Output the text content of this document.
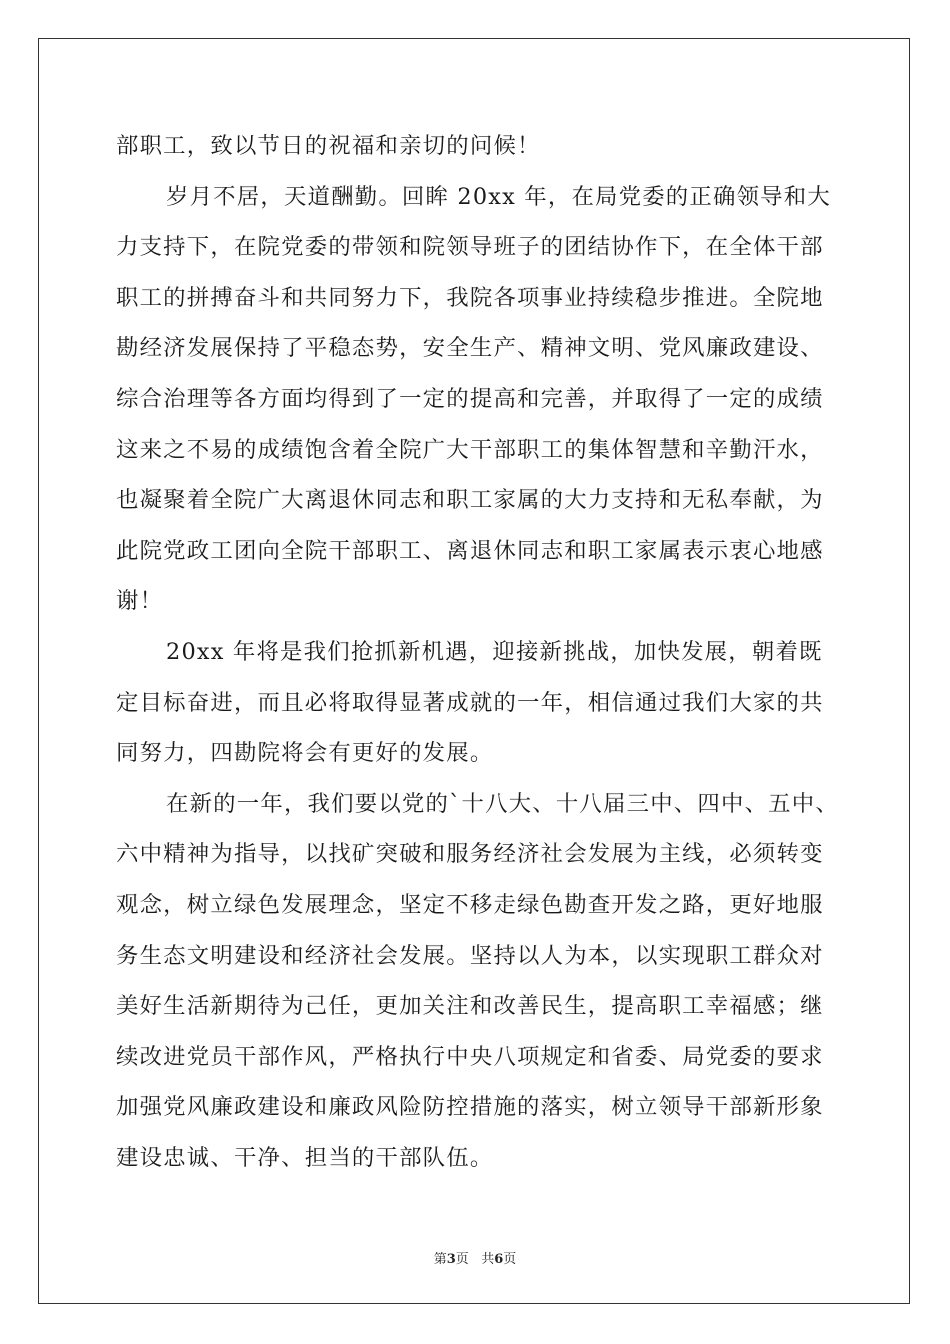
部职工，致以节日的祝福和亲切的问候！
岁月不居，天道酬勤。回眸 20xx 年，在局党委的正确领导和大
力支持下，在院党委的带领和院领导班子的团结协作下，在全体干部
职工的拼搏奋斗和共同努力下，我院各项事业持续稳步推进。全院地
勘经济发展保持了平稳态势，安全生产、精神文明、党风廉政建设、
综合治理等各方面均得到了一定的提高和完善，并取得了一定的成绩
这来之不易的成绩饱含着全院广大干部职工的集体智慧和辛勤汗水，
也凝聚着全院广大离退休同志和职工家属的大力支持和无私奉献，为
此院党政工团向全院干部职工、离退休同志和职工家属表示衷心地感
谢！
20xx 年将是我们抢抓新机遇，迎接新挑战，加快发展，朝着既
定目标奋进，而且必将取得显著成就的一年，相信通过我们大家的共
同努力，四勘院将会有更好的发展。
在新的一年，我们要以党的`十八大、十八届三中、四中、五中、
六中精神为指导，以找矿突破和服务经济社会发展为主线，必须转变
观念，树立绿色发展理念，坚定不移走绿色勘查开发之路，更好地服
务生态文明建设和经济社会发展。坚持以人为本，以实现职工群众对
美好生活新期待为己任，更加关注和改善民生，提高职工幸福感；继
续改进党员干部作风，严格执行中央八项规定和省委、局党委的要求
加强党风廉政建设和廉政风险防控措施的落实，树立领导干部新形象
建设忠诚、干净、担当的干部队伍。
第3页 共6页
